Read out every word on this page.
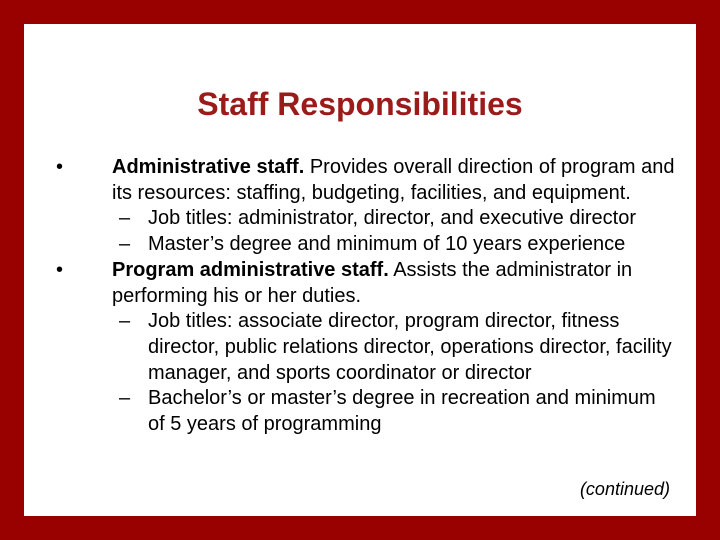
Staff Responsibilities
• Administrative staff. Provides overall direction of program and its resources: staffing, budgeting, facilities, and equipment.
– Job titles: administrator, director, and executive director
– Master’s degree and minimum of 10 years experience
• Program administrative staff. Assists the administrator in performing his or her duties.
– Job titles: associate director, program director, fitness director, public relations director, operations director, facility manager, and sports coordinator or director
– Bachelor’s or master’s degree in recreation and minimum of 5 years of programming
(continued)
